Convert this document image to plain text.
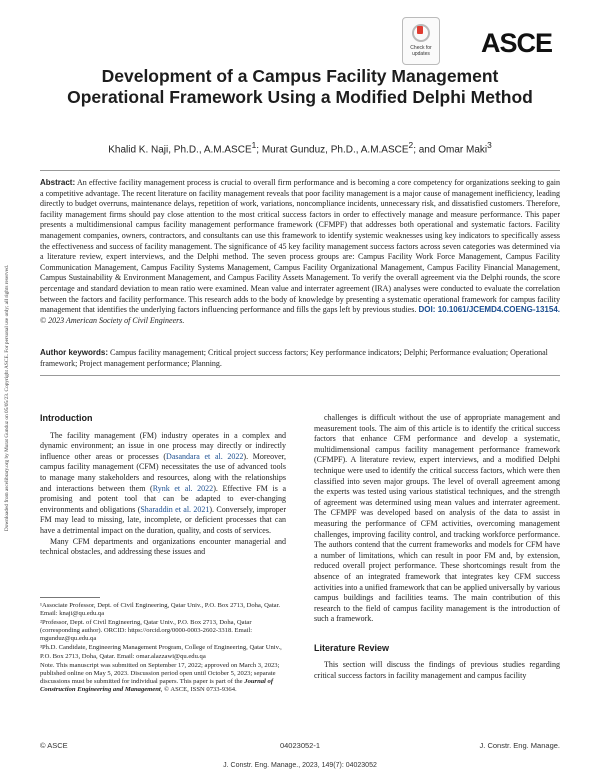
Downloaded from ascelibrary.org by Murat Gunduz on 05/05/23. Copyright ASCE. For personal use only; all rights reserved.
Check for
updates	ASCE
Development of a Campus Facility Management Operational Framework Using a Modified Delphi Method
Khalid K. Naji, Ph.D., A.M.ASCE$^1$; Murat Gunduz, Ph.D., A.M.ASCE$^2$; and Omar Maki$^3$
Abstract: An effective facility management process is crucial to overall firm performance and is becoming a core competency for organizations seeking to gain a competitive advantage. The recent literature on facility management reveals that poor facility management is a major cause of management inefficiency, leading directly to budget overruns, maintenance delays, repetition of work, variations, noncompliance incidents, unnecessary risk, and dissatisfied customers. Therefore, facility management firms should pay close attention to the most critical success factors in order to effectively manage and measure performance. This paper presents a multidimensional campus facility management performance framework (CFMPF) that addresses both operational and systematic factors. Facility management companies, owners, contractors, and consultants can use this framework to identify systemic weaknesses using key indicators to specifically assess the effectiveness and success of facility management. The significance of 45 key facility management success factors across seven categories was determined via a literature review, expert interviews, and the Delphi method. The seven process groups are: Campus Facility Work Force Management, Campus Facility Communication Management, Campus Facility Systems Management, Campus Facility Organizational Management, Campus Facility Financial Management, Campus Sustainability & Environment Management, and Campus Facility Assets Management. To verify the overall agreement via the Delphi rounds, the score percentage and standard deviation to mean ratio were examined. Mean value and interrater agreement (IRA) analyses were conducted to evaluate the correlation between the factors and facility performance. This research adds to the body of knowledge by presenting a systematic operational framework for campus facility management that identifies the underlying factors influencing performance and fills the gaps left by previous studies. DOI: 10.1061/JCEMD4.COENG-13154. © 2023 American Society of Civil Engineers.
Author keywords: Campus facility management; Critical project success factors; Key performance indicators; Delphi; Performance evaluation; Operational framework; Project management performance; Planning.
Introduction
The facility management (FM) industry operates in a complex and dynamic environment; an issue in one process may directly or indirectly influence other areas or processes (Dasandara et al. 2022). Moreover, campus facility management (CFM) necessitates the use of advanced tools to manage many stakeholders and resources, along with the relationships and interactions between them (Rynk et al. 2022). Effective FM is a promising and potent tool that can be adapted to ever-changing environments and obligations (Sharaddin et al. 2021). Conversely, improper FM may lead to missing, late, incomplete, or deficient processes that can have a detrimental impact on the duration, quality, and costs of services.
Many CFM departments and organizations encounter managerial and technical obstacles, and addressing these issues and

¹Associate Professor, Dept. of Civil Engineering, Qatar Univ., P.O. Box 2713, Doha, Qatar. Email: knaji@qu.edu.qa

²Professor, Dept. of Civil Engineering, Qatar Univ., P.O. Box 2713, Doha, Qatar (corresponding author). ORCID: https://orcid.org/0000-0003-2602-3318. Email: mgunduz@qu.edu.qa

³Ph.D. Candidate, Engineering Management Program, College of Engineering, Qatar Univ., P.O. Box 2713, Doha, Qatar. Email: omar.alazzawi@qu.edu.qa

Note. This manuscript was submitted on September 17, 2022; approved on March 3, 2023; published online on May 5, 2023. Discussion period open until October 5, 2023; separate discussions must be submitted for individual papers. This paper is part of the Journal of Construction Engineering and Management, © ASCE, ISSN 0733-9364.

challenges is difficult without the use of appropriate management and measurement tools. The aim of this article is to identify the critical success factors that enhance CFM performance and develop a systematic, multidimensional campus facility management performance framework (CFMPF). A literature review, expert interviews, and a modified Delphi technique were used to identify the critical success factors, which were then classified into seven major groups. The level of overall agreement among the experts was tested using various statistical techniques, and the strength of agreement was determined using mean values and interrater agreement. The CFMPF was developed based on analysis of the data to assist in measuring the performance of CFM activities, overcoming management challenges, improving facility control, and tracking workforce performance. The authors contend that the current frameworks and models for CFM have a number of limitations, which can result in poor FM and, by extension, reduced overall project performance. These shortcomings result from the absence of an integrated framework that integrates key CFM success activities into a unified framework that can be applied universally by various campus buildings and facilities teams. The main contribution of this research to the field of campus facility management is the introduction of such a framework.
Literature Review
This section will discuss the findings of previous studies regarding critical success factors in facility management and campus facility
© ASCE	04023052-1	J. Constr. Eng. Manage.
J. Constr. Eng. Manage., 2023, 149(7): 04023052
